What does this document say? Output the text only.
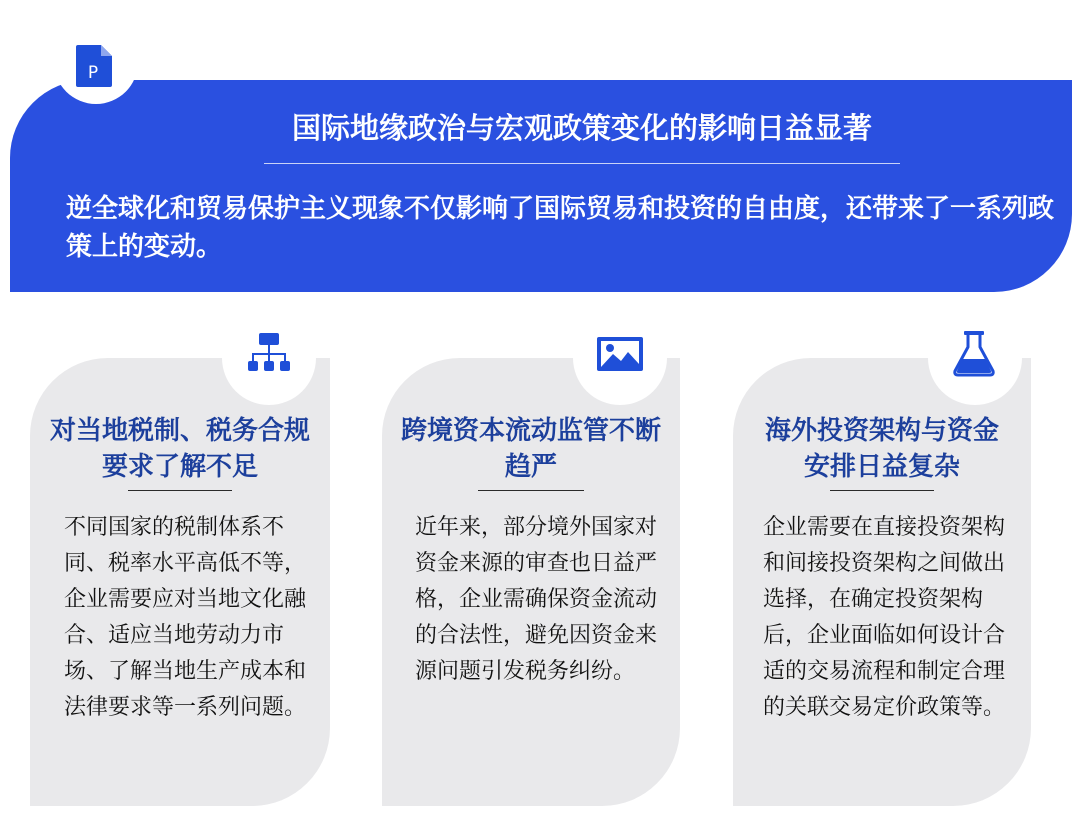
P
国际地缘政治与宏观政策变化的影响日益显著
逆全球化和贸易保护主义现象不仅影响了国际贸易和投资的自由度，还带来了一系列政策上的变动。
对当地税制、税务合规要求了解不足
不同国家的税制体系不同、税率水平高低不等，企业需要应对当地文化融合、适应当地劳动力市场、了解当地生产成本和法律要求等一系列问题。
跨境资本流动监管不断趋严
近年来，部分境外国家对资金来源的审查也日益严格，企业需确保资金流动的合法性，避免因资金来源问题引发税务纠纷。
海外投资架构与资金安排日益复杂
企业需要在直接投资架构和间接投资架构之间做出选择，在确定投资架构后，企业面临如何设计合适的交易流程和制定合理的关联交易定价政策等。
